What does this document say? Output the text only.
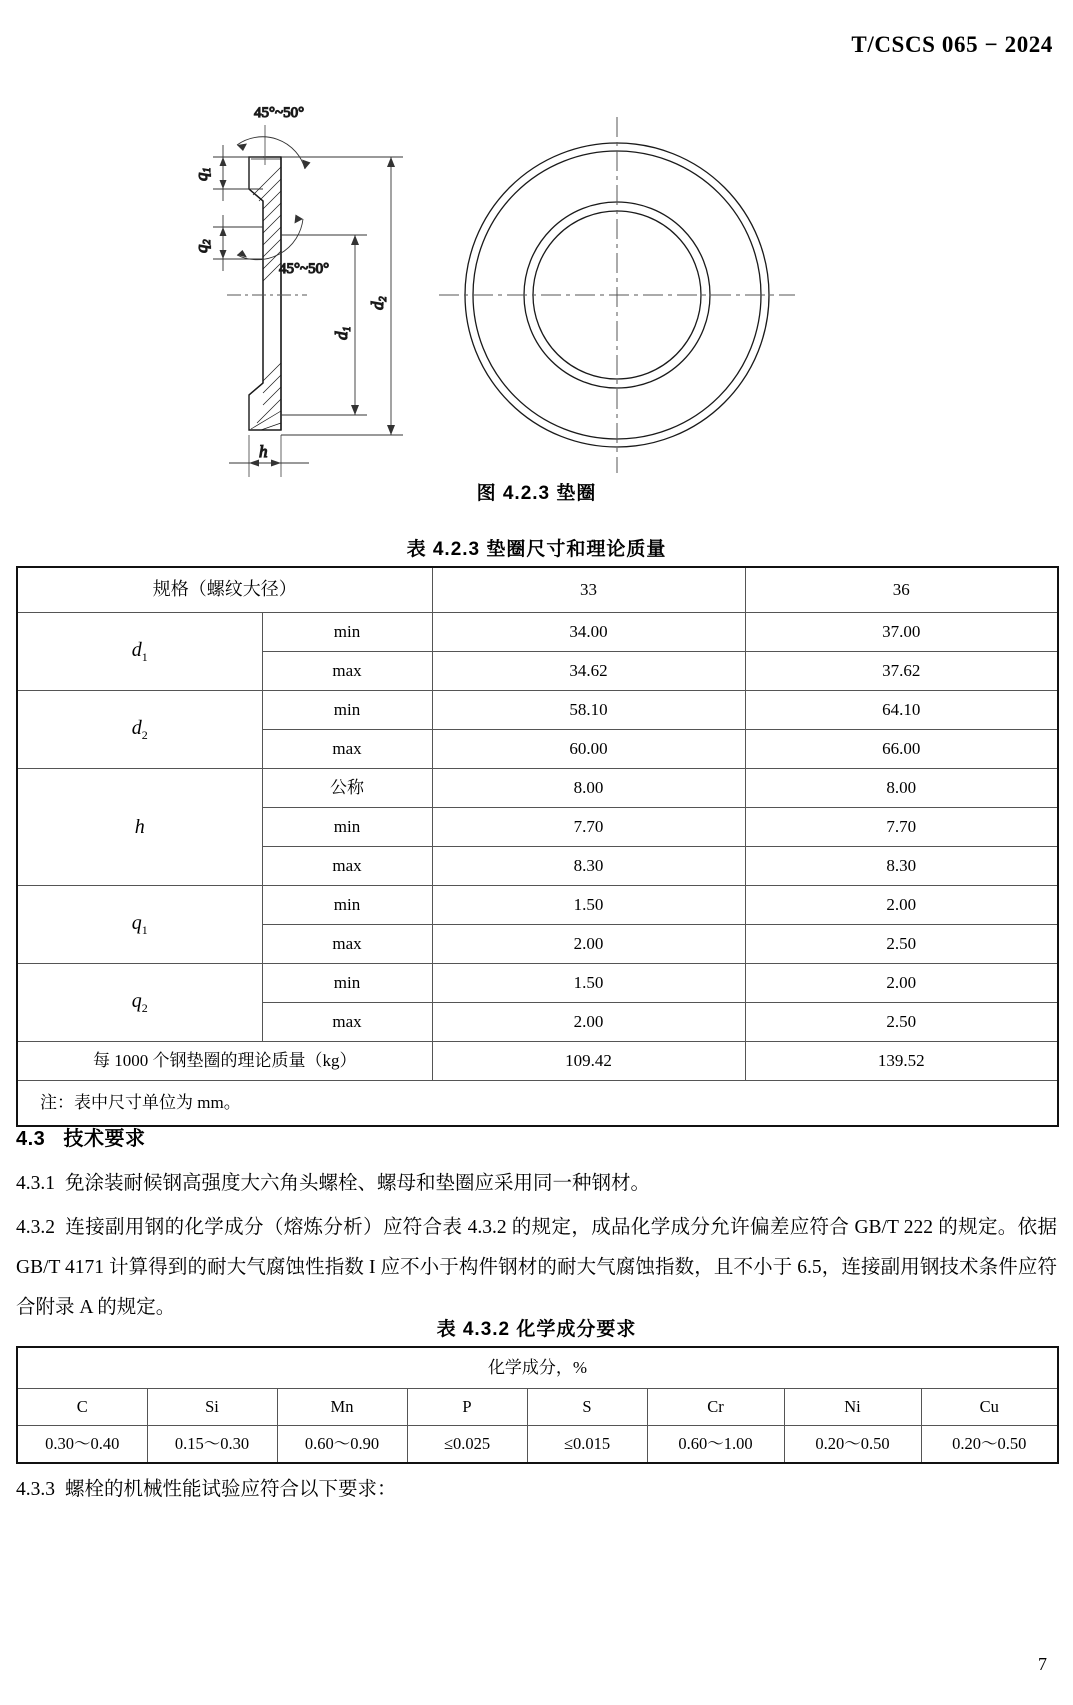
T/CSCS 065 − 2024
q1
q2
45°~50°
45°~50°
d1
d2
h
图 4.2.3 垫圈
表 4.2.3 垫圈尺寸和理论质量
规格（螺纹大径）		33	36
$d_1$	min	34.00	37.00
	max	34.62	37.62
$d_2$	min	58.10	64.10
	max	60.00	66.00
h	公称	8.00	8.00
	min	7.70	7.70
	max	8.30	8.30
$q_1$	min	1.50	2.00
	max	2.00	2.50
$q_2$	min	1.50	2.00
	max	2.00	2.50
每 1000 个钢垫圈的理论质量（kg）		109.42	139.52
注：表中尺寸单位为 mm。			
4.3 技术要求
4.3.1 免涂装耐候钢高强度大六角头螺栓、螺母和垫圈应采用同一种钢材。
4.3.2 连接副用钢的化学成分（熔炼分析）应符合表 4.3.2 的规定，成品化学成分允许偏差应符合 GB/T 222 的规定。依据 GB/T 4171 计算得到的耐大气腐蚀性指数 I 应不小于构件钢材的耐大气腐蚀指数，且不小于 6.5，连接副用钢技术条件应符合附录 A 的规定。
表 4.3.2 化学成分要求
化学成分，%							
C	Si	Mn	P	S	Cr	Ni	Cu
0.30～0.40	0.15～0.30	0.60～0.90	≤0.025	≤0.015	0.60～1.00	0.20～0.50	0.20～0.50
4.3.3 螺栓的机械性能试验应符合以下要求：
7
